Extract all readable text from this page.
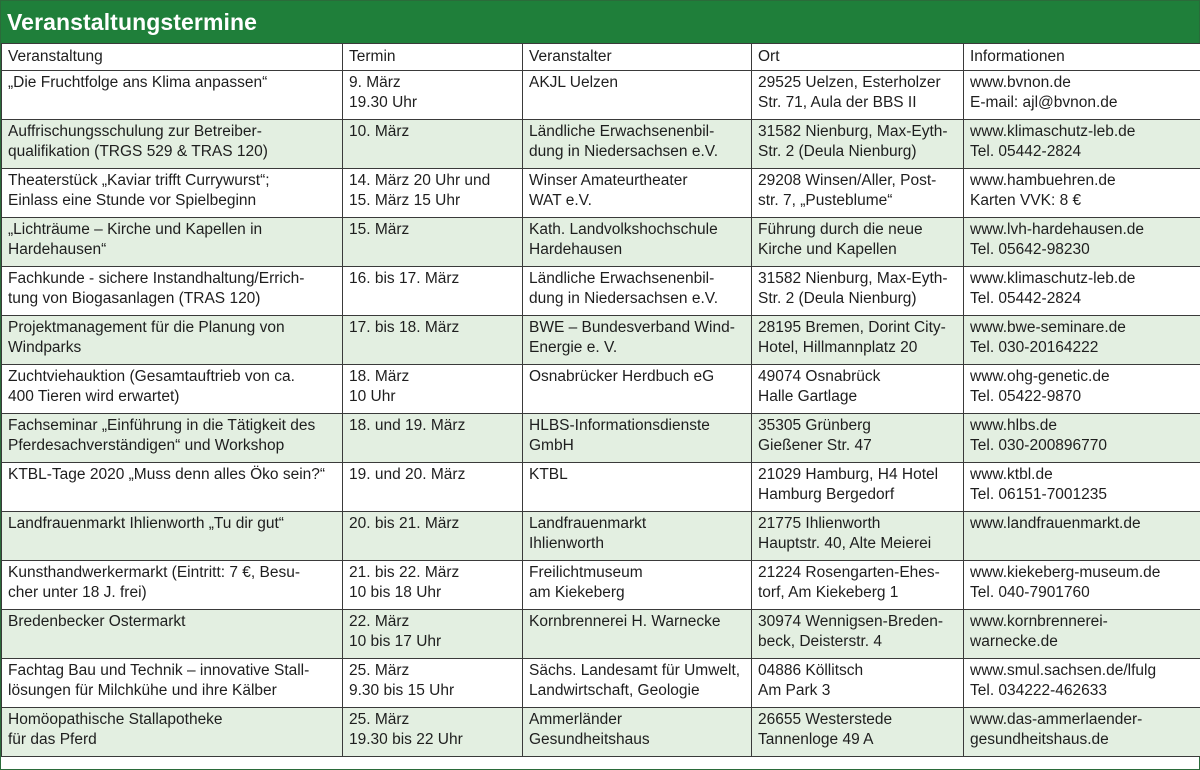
Veranstaltungstermine
Veranstaltung	Termin	Veranstalter	Ort	Informationen

„Die Fruchtfolge ans Klima anpassen“	9. März
19.30 Uhr	AKJL Uelzen	29525 Uelzen, Esterholzer
Str. 71, Aula der BBS II	www.bvnon.de
E-mail: ajl@bvnon.de

Auffrischungsschulung zur Betreiber-
qualifikation (TRGS 529 & TRAS 120)	10. März	Ländliche Erwachsenenbil-
dung in Niedersachsen e.V.	31582 Nienburg, Max-Eyth-
Str. 2 (Deula Nienburg)	www.klimaschutz-leb.de
Tel. 05442-2824

Theaterstück „Kaviar trifft Currywurst“;
Einlass eine Stunde vor Spielbeginn	14. März 20 Uhr und
15. März 15 Uhr	Winser Amateurtheater
WAT e.V.	29208 Winsen/Aller, Post-
str. 7, „Pusteblume“	www.hambuehren.de
Karten VVK: 8 €

„Lichträume – Kirche und Kapellen in
Hardehausen“	15. März	Kath. Landvolkshochschule
Hardehausen	Führung durch die neue
Kirche und Kapellen	www.lvh-hardehausen.de
Tel. 05642-98230

Fachkunde - sichere Instandhaltung/Errich-
tung von Biogasanlagen (TRAS 120)	16. bis 17. März	Ländliche Erwachsenenbil-
dung in Niedersachsen e.V.	31582 Nienburg, Max-Eyth-
Str. 2 (Deula Nienburg)	www.klimaschutz-leb.de
Tel. 05442-2824

Projektmanagement für die Planung von
Windparks	17. bis 18. März	BWE – Bundesverband Wind-
Energie e. V.	28195 Bremen, Dorint City-
Hotel, Hillmannplatz 20	www.bwe-seminare.de
Tel. 030-20164222

Zuchtviehauktion (Gesamtauftrieb von ca.
400 Tieren wird erwartet)	18. März
10 Uhr	Osnabrücker Herdbuch eG	49074 Osnabrück
Halle Gartlage	www.ohg-genetic.de
Tel. 05422-9870

Fachseminar „Einführung in die Tätigkeit des
Pferdesachverständigen“ und Workshop	18. und 19. März	HLBS-Informationsdienste
GmbH	35305 Grünberg
Gießener Str. 47	www.hlbs.de
Tel. 030-200896770

KTBL-Tage 2020 „Muss denn alles Öko sein?“	19. und 20. März	KTBL	21029 Hamburg, H4 Hotel
Hamburg Bergedorf	www.ktbl.de
Tel. 06151-7001235

Landfrauenmarkt Ihlienworth „Tu dir gut“	20. bis 21. März	Landfrauenmarkt
Ihlienworth	21775 Ihlienworth
Hauptstr. 40, Alte Meierei	www.landfrauenmarkt.de

Kunsthandwerkermarkt (Eintritt: 7 €, Besu-
cher unter 18 J. frei)	21. bis 22. März
10 bis 18 Uhr	Freilichtmuseum
am Kiekeberg	21224 Rosengarten-Ehes-
torf, Am Kiekeberg 1	www.kiekeberg-museum.de
Tel. 040-7901760

Bredenbecker Ostermarkt	22. März
10 bis 17 Uhr	Kornbrennerei H. Warnecke	30974 Wennigsen-Breden-
beck, Deisterstr. 4	www.kornbrennerei-
warnecke.de

Fachtag Bau und Technik – innovative Stall-
lösungen für Milchkühe und ihre Kälber	25. März
9.30 bis 15 Uhr	Sächs. Landesamt für Umwelt,
Landwirtschaft, Geologie	04886 Köllitsch
Am Park 3	www.smul.sachsen.de/lfulg
Tel. 034222-462633

Homöopathische Stallapotheke
für das Pferd	25. März
19.30 bis 22 Uhr	Ammerländer
Gesundheitshaus	26655 Westerstede
Tannenloge 49 A	www.das-ammerlaender-
gesundheitshaus.de
